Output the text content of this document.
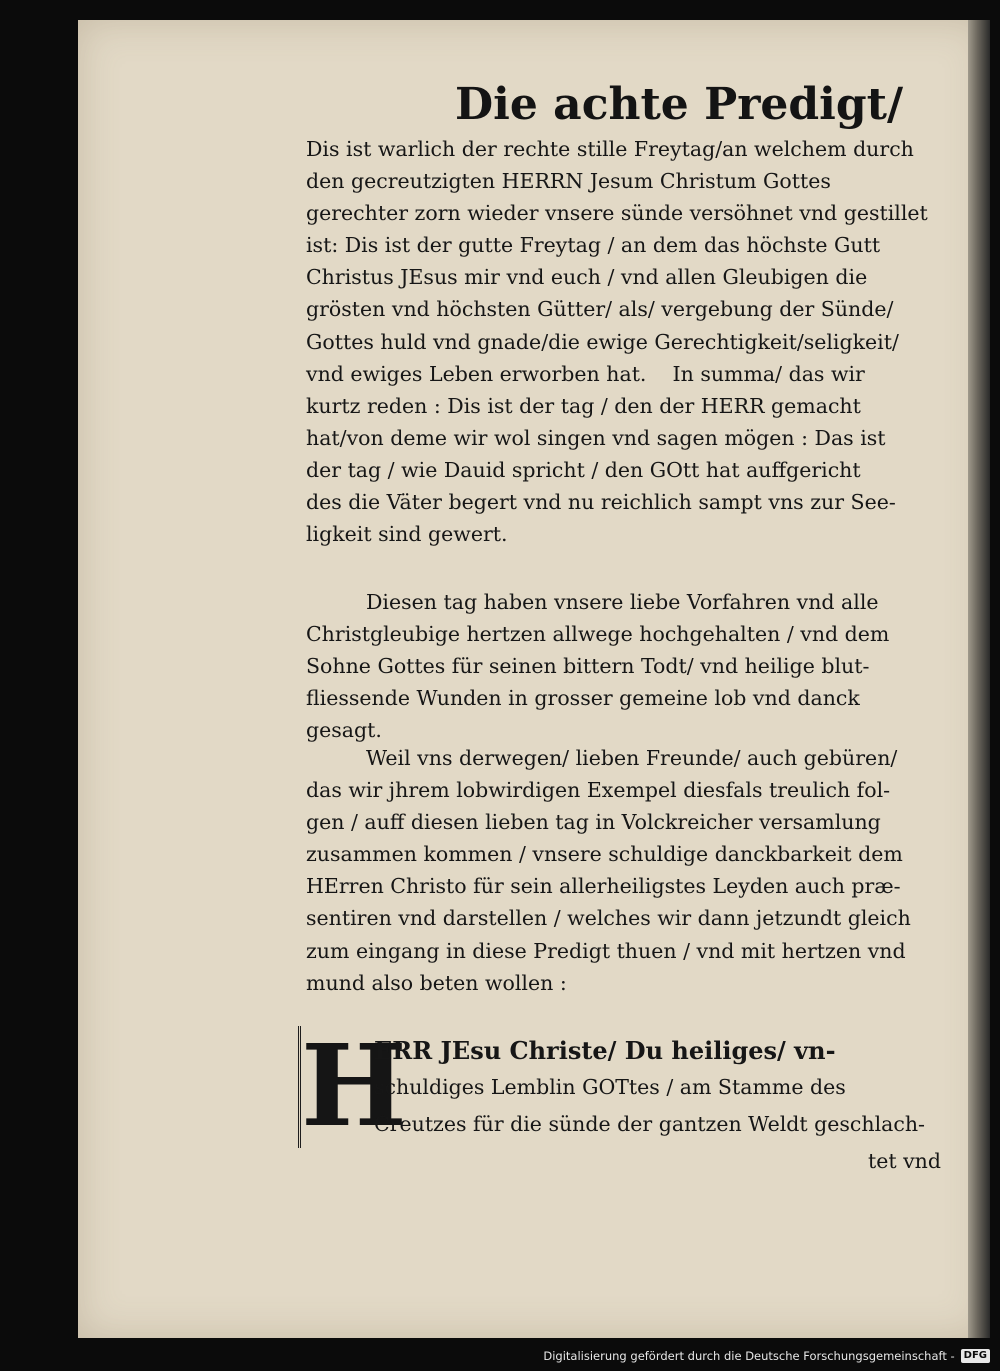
Die achte Predigt/
Dis ist warlich der rechte stille Freytag/an welchem durch
den gecreutzigten HERRN Jesum Christum Gottes
gerechter zorn wieder vnsere sünde versöhnet vnd gestillet
ist: Dis ist der gutte Freytag / an dem das höchste Gutt
Christus JEsus mir vnd euch / vnd allen Gleubigen die
grösten vnd höchsten Gütter/ als/ vergebung der Sünde/
Gottes huld vnd gnade/die ewige Gerechtigkeit/seligkeit/
vnd ewiges Leben erworben hat.    In summa/ das wir
kurtz reden : Dis ist der tag / den der HERR gemacht
hat/von deme wir wol singen vnd sagen mögen : Das ist
der tag / wie Dauid spricht / den GOtt hat auffgericht
des die Väter begert vnd nu reichlich sampt vns zur See-
ligkeit sind gewert.
Diesen tag haben vnsere liebe Vorfahren vnd alle
Christgleubige hertzen allwege hochgehalten / vnd dem
Sohne Gottes für seinen bittern Todt/ vnd heilige blut-
fliessende Wunden in grosser gemeine lob vnd danck
gesagt.
Weil vns derwegen/ lieben Freunde/ auch gebüren/
das wir jhrem lobwirdigen Exempel diesfals treulich fol-
gen / auff diesen lieben tag in Volckreicher versamlung
zusammen kommen / vnsere schuldige danckbarkeit dem
HErren Christo für sein allerheiligstes Leyden auch præ-
sentiren vnd darstellen / welches wir dann jetzundt gleich
zum eingang in diese Predigt thuen / vnd mit hertzen vnd
mund also beten wollen :
H
ERR JEsu Christe/ Du heiliges/ vn-
schuldiges Lemblin GOTtes / am Stamme des
Creutzes für die sünde der gantzen Weldt geschlach-
tet vnd
Digitalisierung gefördert durch die Deutsche Forschungsgemeinschaft - DFG
